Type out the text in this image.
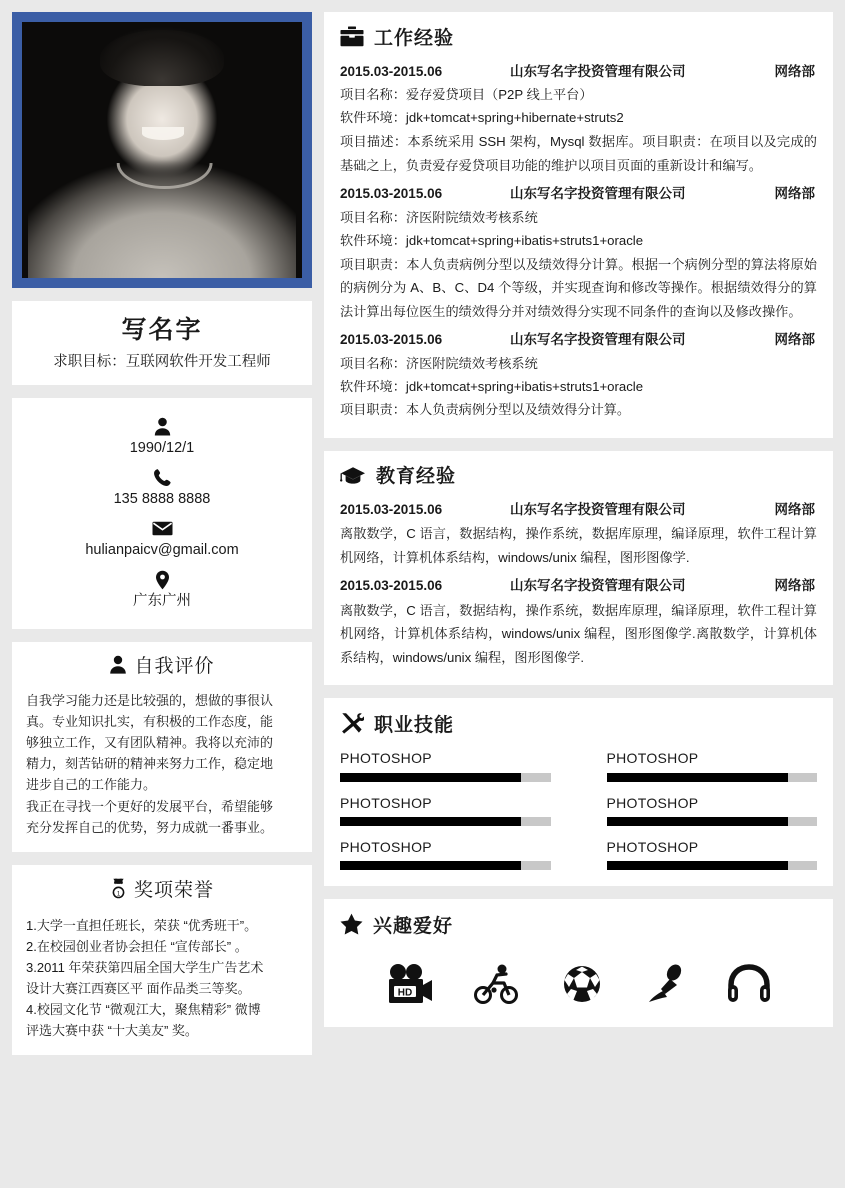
写名字

求职目标：互联网软件开发工程师

1990/12/1
135 8888 8888
hulianpaicv@gmail.com
广东广州
自我评价

自我学习能力还是比较强的，想做的事很认
真。专业知识扎实，有积极的工作态度，能
够独立工作，又有团队精神。我将以充沛的
精力，刻苦钻研的精神来努力工作，稳定地
进步自己的工作能力。
我正在寻找一个更好的发展平台，希望能够
充分发挥自己的优势，努力成就一番事业。

1 奖项荣誉

1.大学一直担任班长，荣获 “优秀班干”。
2.在校园创业者协会担任 “宣传部长” 。
3.2011 年荣获第四届全国大学生广告艺术
设计大赛江西赛区平 面作品类三等奖。
4.校园文化节 “微观江大，聚焦精彩” 微博
评选大赛中获 “十大美友” 奖。

工作经验
2015.03-2015.06	山东写名字投资管理有限公司	网络部

项目名称：爱存爱贷项目（P2P 线上平台）

软件环境：jdk+tomcat+spring+hibernate+struts2

项目描述：本系统采用 SSH 架构，Mysql 数据库。项目职责：在项目以及完成的基础之上，负责爱存爱贷项目功能的维护以项目页面的重新设计和编写。

2015.03-2015.06	山东写名字投资管理有限公司	网络部

项目名称：济医附院绩效考核系统

软件环境：jdk+tomcat+spring+ibatis+struts1+oracle

项目职责：本人负责病例分型以及绩效得分计算。根据一个病例分型的算法将原始的病例分为 A、B、C、D4 个等级，并实现查询和修改等操作。根据绩效得分的算法计算出每位医生的绩效得分并对绩效得分实现不同条件的查询以及修改操作。

2015.03-2015.06	山东写名字投资管理有限公司	网络部

项目名称：济医附院绩效考核系统

软件环境：jdk+tomcat+spring+ibatis+struts1+oracle

项目职责：本人负责病例分型以及绩效得分计算。

教育经验
2015.03-2015.06	山东写名字投资管理有限公司	网络部

离散数学，C 语言，数据结构，操作系统，数据库原理，编译原理，软件工程计算机网络，计算机体系结构，windows/unix 编程，图形图像学.

2015.03-2015.06	山东写名字投资管理有限公司	网络部

离散数学，C 语言，数据结构，操作系统，数据库原理，编译原理，软件工程计算机网络，计算机体系结构，windows/unix 编程，图形图像学.离散数学，计算机体系结构，windows/unix 编程，图形图像学.

职业技能
PHOTOSHOP	PHOTOSHOP
PHOTOSHOP	PHOTOSHOP
PHOTOSHOP	PHOTOSHOP
兴趣爱好
HD
